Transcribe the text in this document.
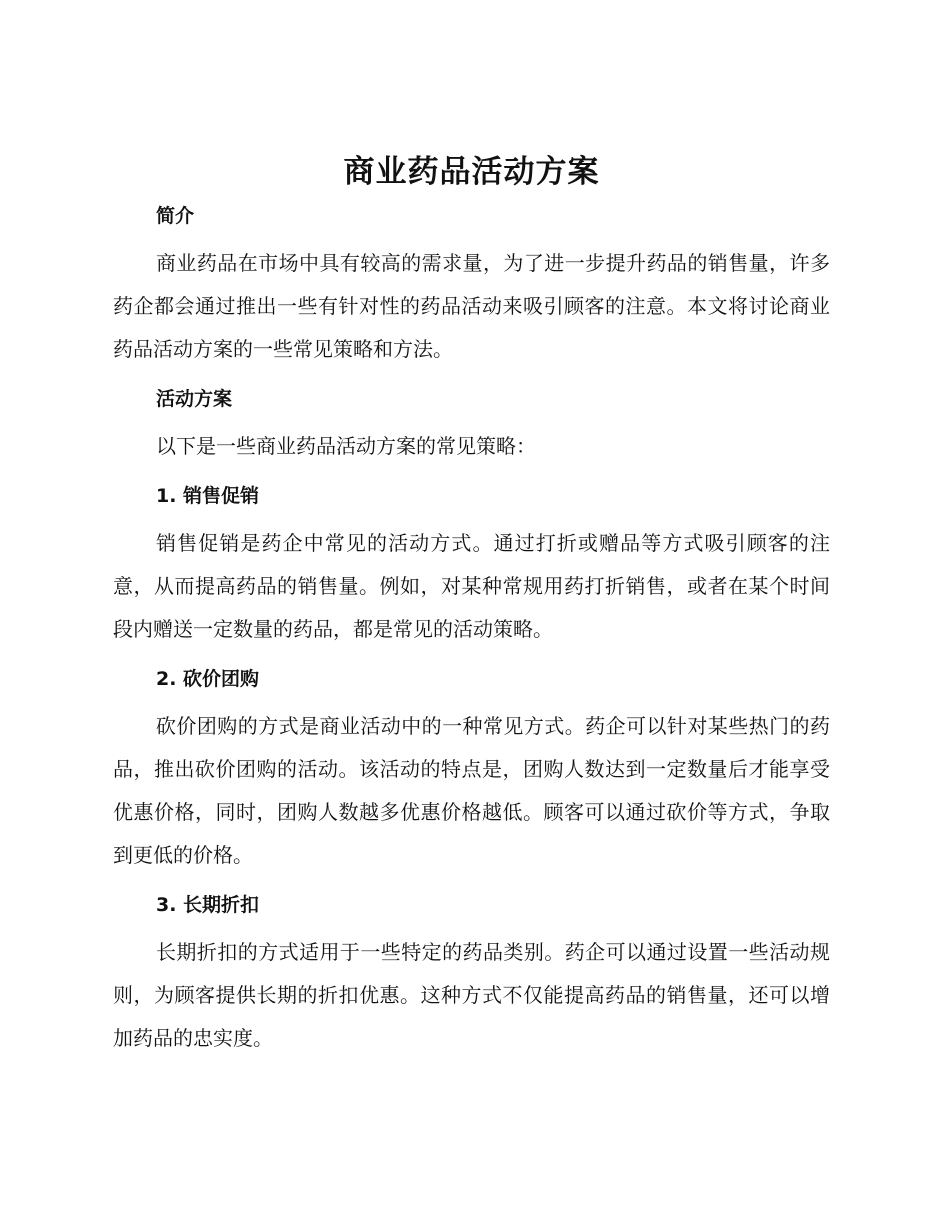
商业药品活动方案
简介

商业药品在市场中具有较高的需求量，为了进一步提升药品的销售量，许多药企都会通过推出一些有针对性的药品活动来吸引顾客的注意。本文将讨论商业药品活动方案的一些常见策略和方法。

活动方案

以下是一些商业药品活动方案的常见策略：

1. 销售促销

销售促销是药企中常见的活动方式。通过打折或赠品等方式吸引顾客的注意，从而提高药品的销售量。例如，对某种常规用药打折销售，或者在某个时间段内赠送一定数量的药品，都是常见的活动策略。

2. 砍价团购

砍价团购的方式是商业活动中的一种常见方式。药企可以针对某些热门的药品，推出砍价团购的活动。该活动的特点是，团购人数达到一定数量后才能享受优惠价格，同时，团购人数越多优惠价格越低。顾客可以通过砍价等方式，争取到更低的价格。

3. 长期折扣

长期折扣的方式适用于一些特定的药品类别。药企可以通过设置一些活动规则，为顾客提供长期的折扣优惠。这种方式不仅能提高药品的销售量，还可以增加药品的忠实度。
